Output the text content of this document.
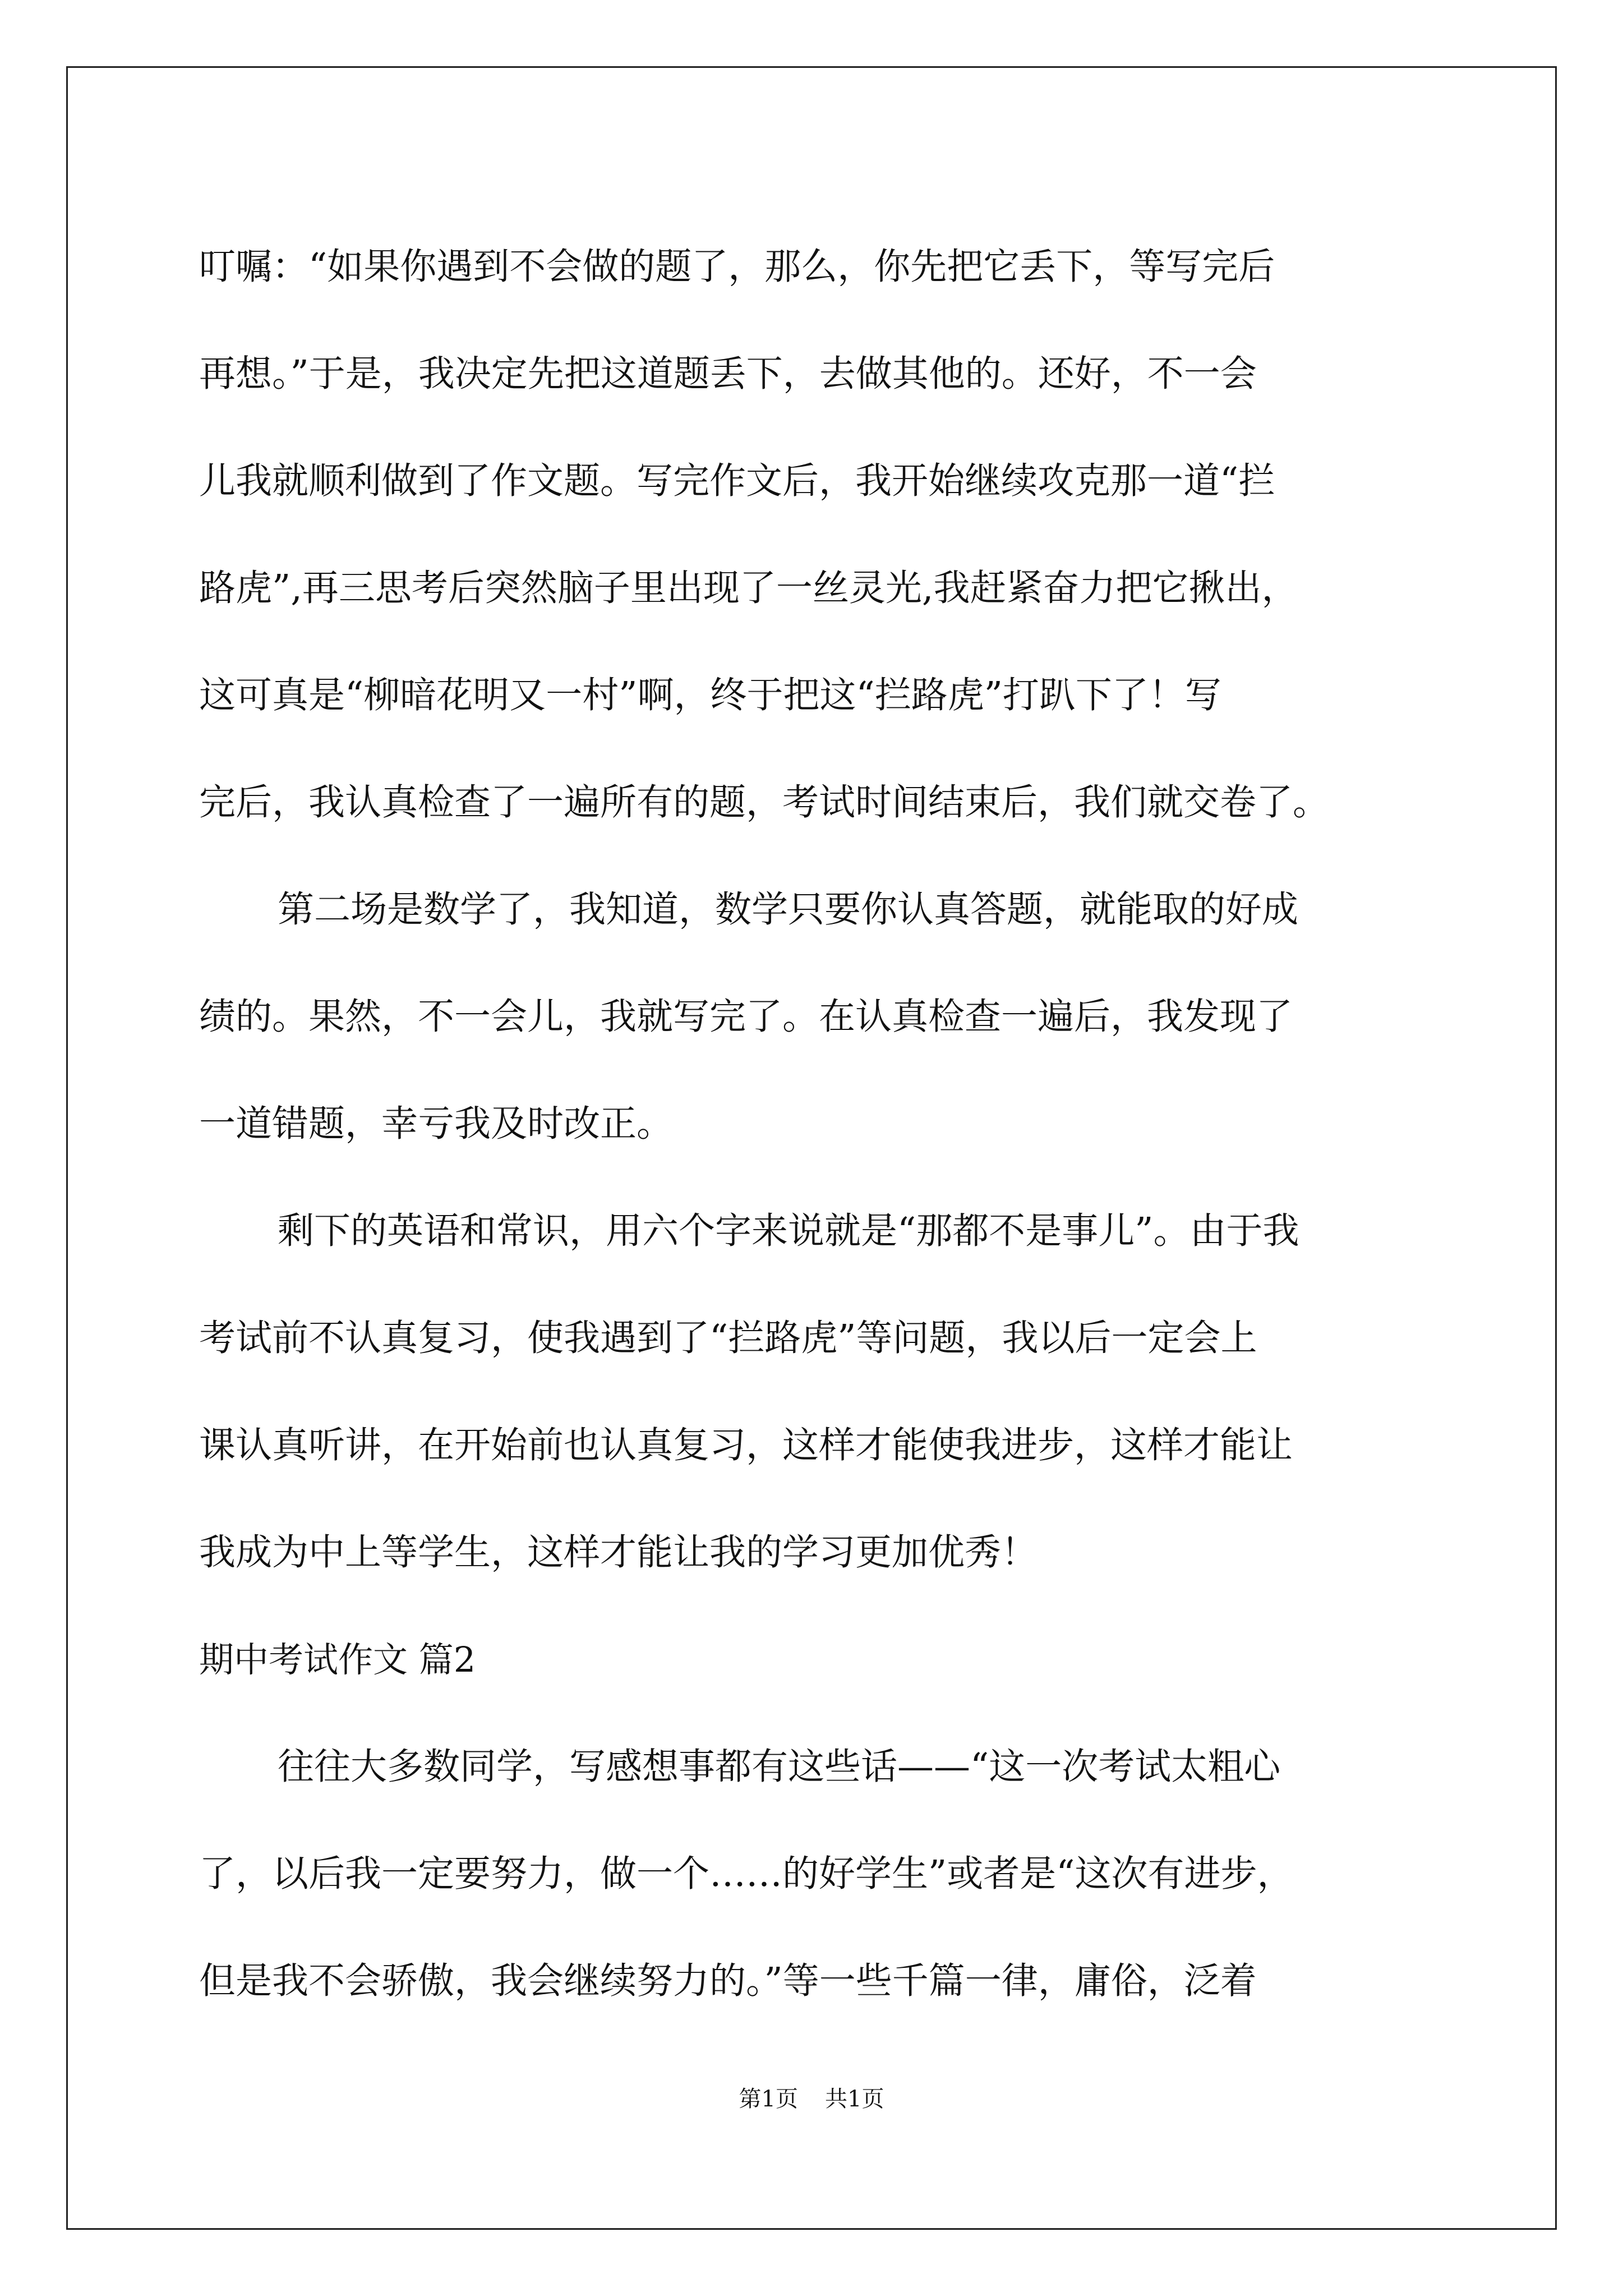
叮嘱：“如果你遇到不会做的题了，那么，你先把它丢下，等写完后
再想。”于是，我决定先把这道题丢下，去做其他的。还好，不一会
儿我就顺利做到了作文题。写完作文后，我开始继续攻克那一道“拦
路虎”,再三思考后突然脑子里出现了一丝灵光,我赶紧奋力把它揪出，
这可真是“柳暗花明又一村”啊，终于把这“拦路虎”打趴下了！写
完后，我认真检查了一遍所有的题，考试时间结束后，我们就交卷了。
第二场是数学了，我知道，数学只要你认真答题，就能取的好成
绩的。果然，不一会儿，我就写完了。在认真检查一遍后，我发现了
一道错题，幸亏我及时改正。
剩下的英语和常识，用六个字来说就是“那都不是事儿”。由于我
考试前不认真复习，使我遇到了“拦路虎”等问题，我以后一定会上
课认真听讲，在开始前也认真复习，这样才能使我进步，这样才能让
我成为中上等学生，这样才能让我的学习更加优秀！
期中考试作文 篇2
往往大多数同学，写感想事都有这些话——“这一次考试太粗心
了，以后我一定要努力，做一个……的好学生”或者是“这次有进步，
但是我不会骄傲，我会继续努力的。”等一些千篇一律，庸俗，泛着
第1页 共1页
